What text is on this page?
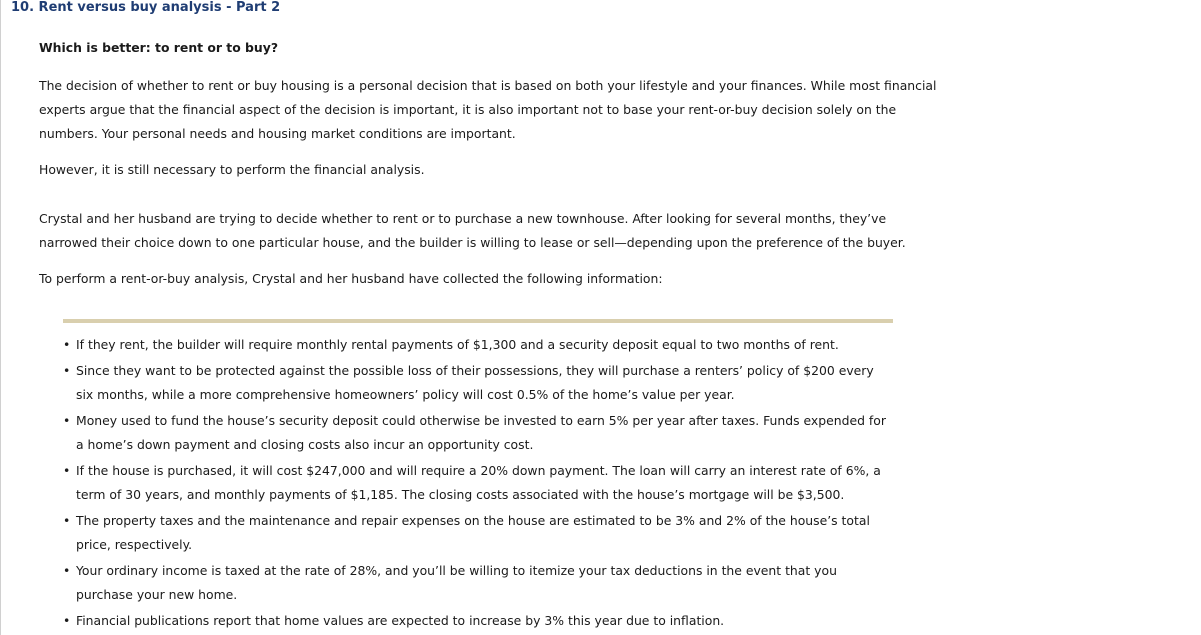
10. Rent versus buy analysis - Part 2
Which is better: to rent or to buy?

The decision of whether to rent or buy housing is a personal decision that is based on both your lifestyle and your finances. While most financial experts argue that the financial aspect of the decision is important, it is also important not to base your rent-or-buy decision solely on the numbers. Your personal needs and housing market conditions are important.

However, it is still necessary to perform the financial analysis.

Crystal and her husband are trying to decide whether to rent or to purchase a new townhouse. After looking for several months, they’ve narrowed their choice down to one particular house, and the builder is willing to lease or sell—depending upon the preference of the buyer.

To perform a rent-or-buy analysis, Crystal and her husband have collected the following information:

• If they rent, the builder will require monthly rental payments of $1,300 and a security deposit equal to two months of rent.
• Since they want to be protected against the possible loss of their possessions, they will purchase a renters’ policy of $200 every six months, while a more comprehensive homeowners’ policy will cost 0.5% of the home’s value per year.
• Money used to fund the house’s security deposit could otherwise be invested to earn 5% per year after taxes. Funds expended for a home’s down payment and closing costs also incur an opportunity cost.
• If the house is purchased, it will cost $247,000 and will require a 20% down payment. The loan will carry an interest rate of 6%, a term of 30 years, and monthly payments of $1,185. The closing costs associated with the house’s mortgage will be $3,500.
• The property taxes and the maintenance and repair expenses on the house are estimated to be 3% and 2% of the house’s total price, respectively.
• Your ordinary income is taxed at the rate of 28%, and you’ll be willing to itemize your tax deductions in the event that you purchase your new home.
• Financial publications report that home values are expected to increase by 3% this year due to inflation.
